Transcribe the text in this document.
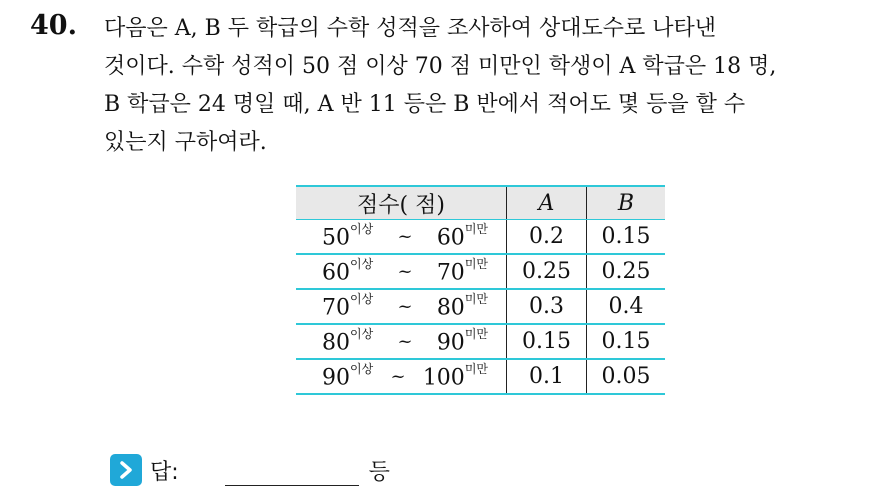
40. 다음은 A, B 두 학급의 수학 성적을 조사하여 상대도수로 나타낸
것이다. 수학 성적이 50 점 이상 70 점 미만인 학생이 A 학급은 18 명,
B 학급은 24 명일 때, A 반 11 등은 B 반에서 적어도 몇 등을 할 수
있는지 구하여라.
점수( 점)	A	B

$50^{이상}$ ~ $60^{미만}$	0.2	0.15

$60^{이상}$ ~ $70^{미만}$	0.25	0.25

$70^{이상}$ ~ $80^{미만}$	0.3	0.4

$80^{이상}$ ~ $90^{미만}$	0.15	0.15

$90^{이상}$ ~ $100^{미만}$	0.1	0.05
답:	등
